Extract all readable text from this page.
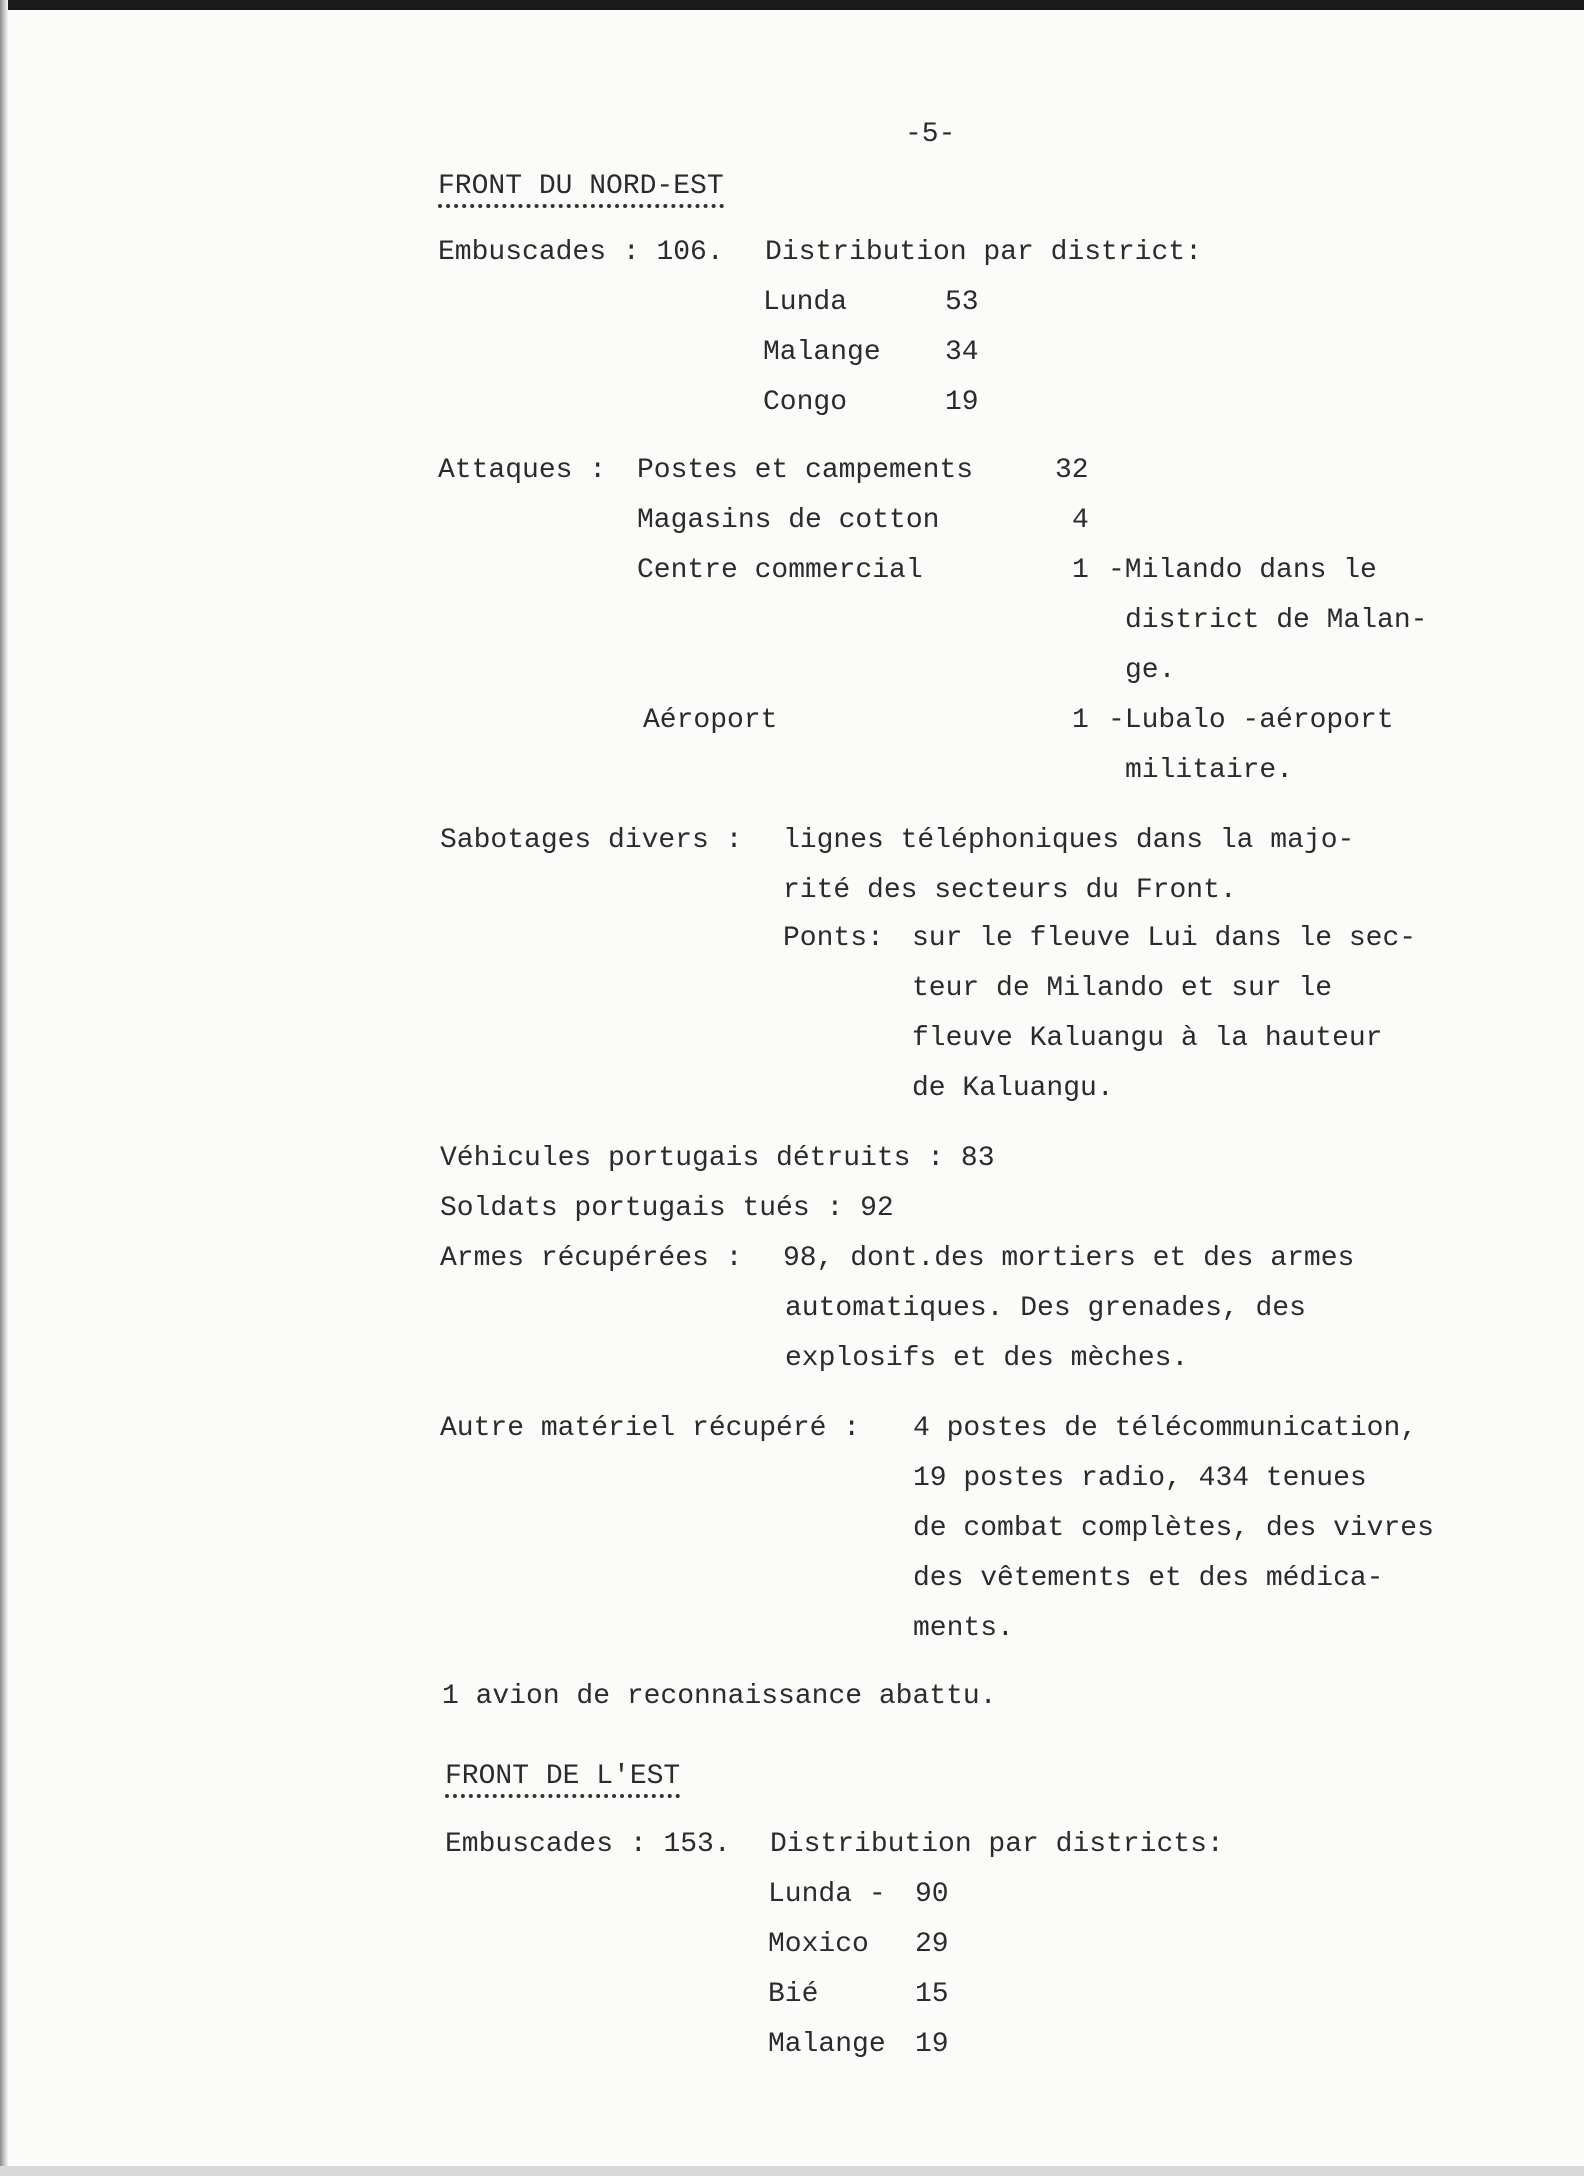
-5-
FRONT DU NORD-EST
Embuscades : 106. Distribution par district:
Lunda	53
Malange 34
Congo	19
Attaques : Postes et campements	32
Magasins de cotton	4
Centre commercial	1 -Milando dans le
district de Malan-
ge.
Aéroport	1 -Lubalo -aéroport
militaire.
Sabotages divers : lignes téléphoniques dans la majo-
rité des secteurs du Front.
Ponts: sur le fleuve Lui dans le sec-
teur de Milando et sur le
fleuve Kaluangu à la hauteur
de Kaluangu.
Véhicules portugais détruits : 83
Soldats portugais tués : 92
Armes récupérées : 98, dont.des mortiers et des armes
automatiques. Des grenades, des
explosifs et des mèches.
Autre matériel récupéré : 4 postes de télécommunication,
19 postes radio, 434 tenues
de combat complètes, des vivres
des vêtements et des médica-
ments.
1 avion de reconnaissance abattu.
FRONT DE L'EST
Embuscades : 153. Distribution par districts:
Lunda - 90
Moxico 29
Bié	15
Malange 19
